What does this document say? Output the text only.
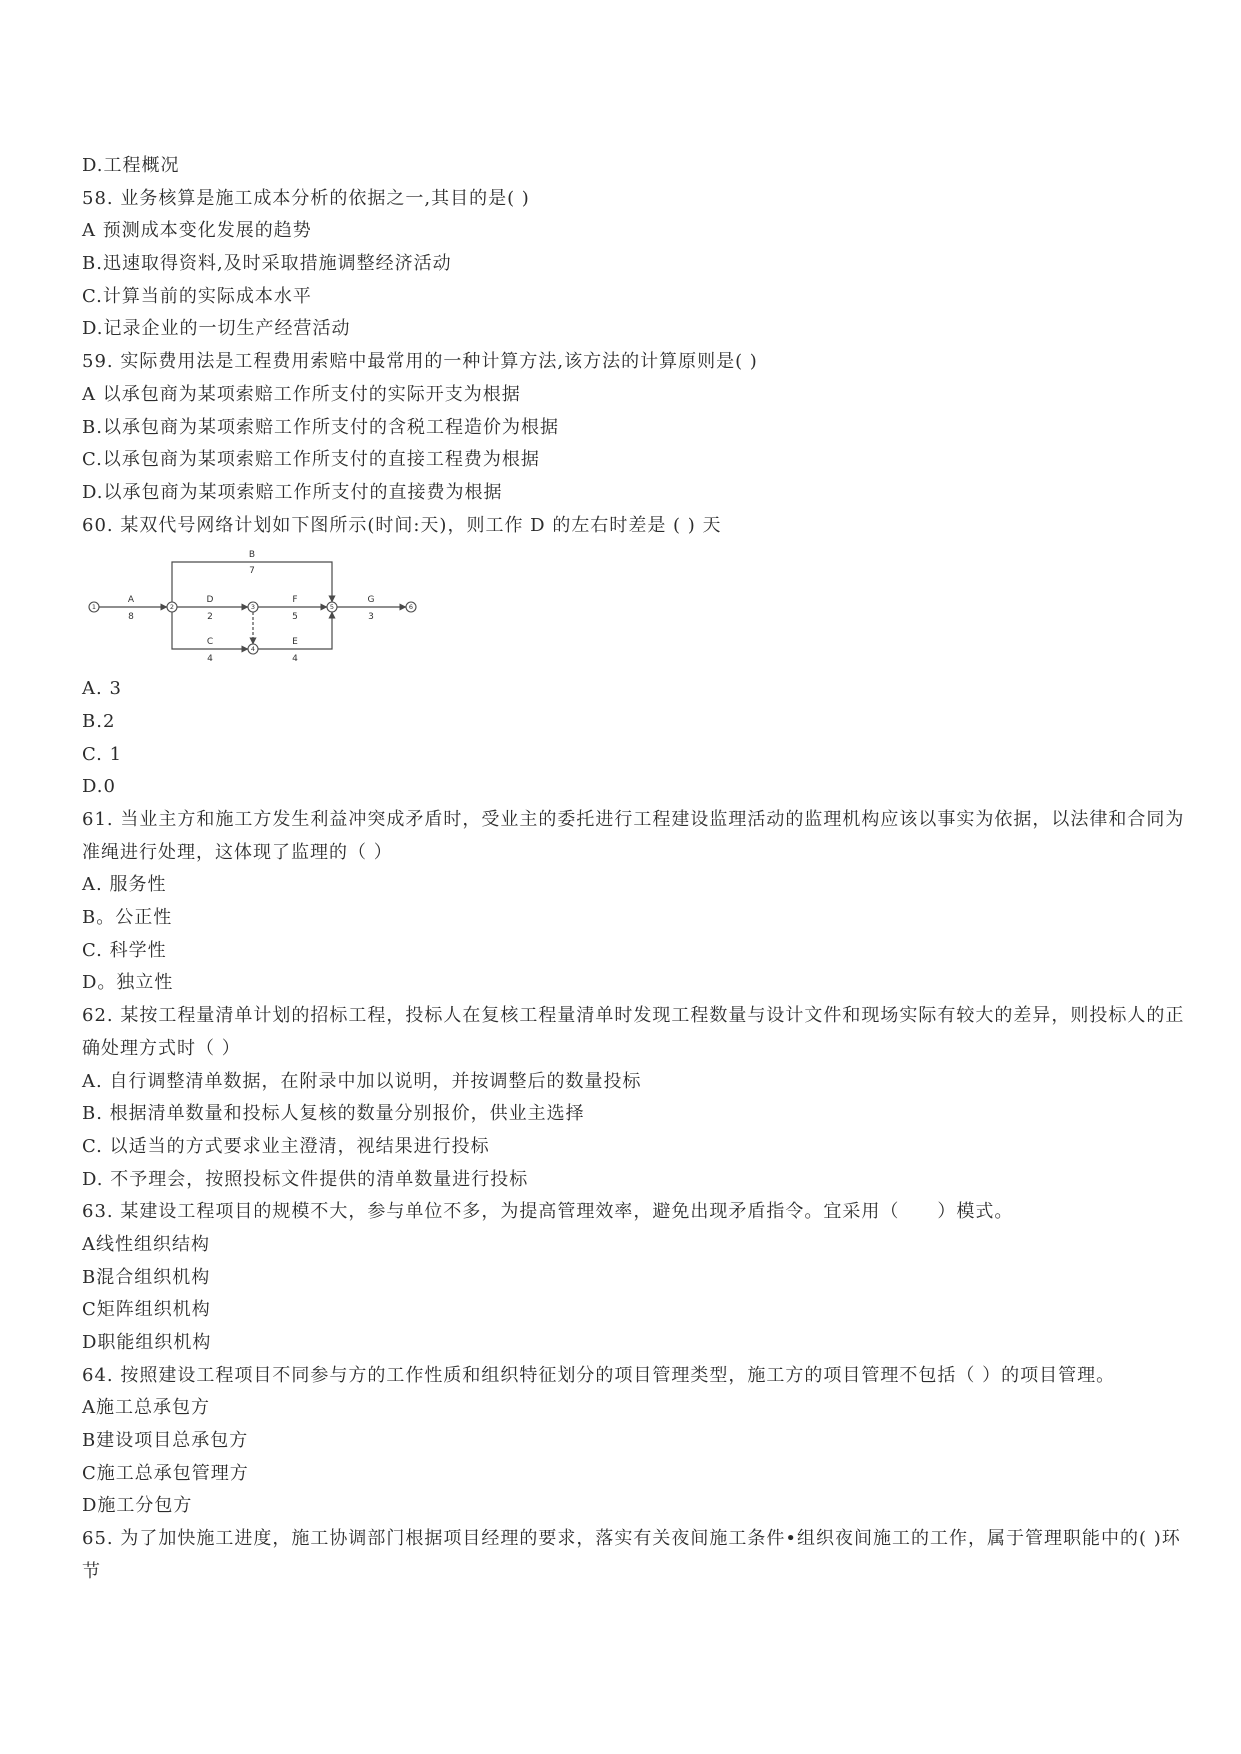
D.工程概况
58. 业务核算是施工成本分析的依据之一,其目的是( )
A 预测成本变化发展的趋势
B.迅速取得资料,及时采取措施调整经济活动
C.计算当前的实际成本水平
D.记录企业的一切生产经营活动
59. 实际费用法是工程费用索赔中最常用的一种计算方法,该方法的计算原则是( )
A 以承包商为某项索赔工作所支付的实际开支为根据
B.以承包商为某项索赔工作所支付的含税工程造价为根据
C.以承包商为某项索赔工作所支付的直接工程费为根据
D.以承包商为某项索赔工作所支付的直接费为根据
60. 某双代号网络计划如下图所示(时间:天)，则工作 D 的左右时差是 ( ) 天
1	2	3
4
5	6
A
8
B
7
D
2
F
5
G
3
C
4
E
4
A. 3
B.2
C. 1
D.0
61. 当业主方和施工方发生利益冲突成矛盾时，受业主的委托进行工程建设监理活动的监理机构应该以事实为依据，以法律和合同为
准绳进行处理，这体现了监理的（ ）
A. 服务性
B。公正性
C. 科学性
D。独立性
62. 某按工程量清单计划的招标工程，投标人在复核工程量清单时发现工程数量与设计文件和现场实际有较大的差异，则投标人的正
确处理方式时（ ）
A. 自行调整清单数据，在附录中加以说明，并按调整后的数量投标
B. 根据清单数量和投标人复核的数量分别报价，供业主选择
C. 以适当的方式要求业主澄清，视结果进行投标
D. 不予理会，按照投标文件提供的清单数量进行投标
63. 某建设工程项目的规模不大，参与单位不多，为提高管理效率，避免出现矛盾指令。宜采用（　　）模式。
A线性组织结构
B混合组织机构
C矩阵组织机构
D职能组织机构
64. 按照建设工程项目不同参与方的工作性质和组织特征划分的项目管理类型，施工方的项目管理不包括（ ）的项目管理。
A施工总承包方
B建设项目总承包方
C施工总承包管理方
D施工分包方
65. 为了加快施工进度，施工协调部门根据项目经理的要求，落实有关夜间施工条件•组织夜间施工的工作，属于管理职能中的( )环
节
